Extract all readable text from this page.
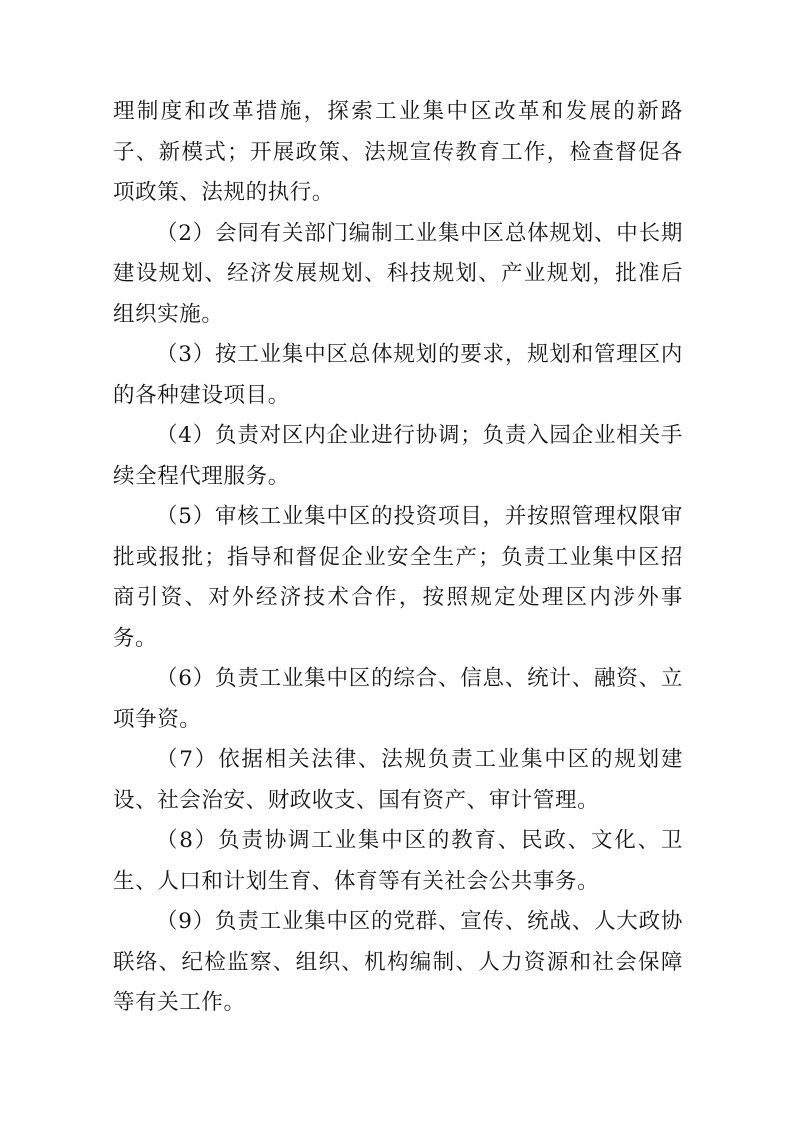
理制度和改革措施，探索工业集中区改革和发展的新路子、新模式；开展政策、法规宣传教育工作，检查督促各项政策、法规的执行。

（2）会同有关部门编制工业集中区总体规划、中长期建设规划、经济发展规划、科技规划、产业规划，批准后组织实施。

（3）按工业集中区总体规划的要求，规划和管理区内的各种建设项目。

（4）负责对区内企业进行协调；负责入园企业相关手续全程代理服务。

（5）审核工业集中区的投资项目，并按照管理权限审批或报批；指导和督促企业安全生产；负责工业集中区招商引资、对外经济技术合作，按照规定处理区内涉外事务。

（6）负责工业集中区的综合、信息、统计、融资、立项争资。

（7）依据相关法律、法规负责工业集中区的规划建设、社会治安、财政收支、国有资产、审计管理。

（8）负责协调工业集中区的教育、民政、文化、卫生、人口和计划生育、体育等有关社会公共事务。

（9）负责工业集中区的党群、宣传、统战、人大政协联络、纪检监察、组织、机构编制、人力资源和社会保障等有关工作。
